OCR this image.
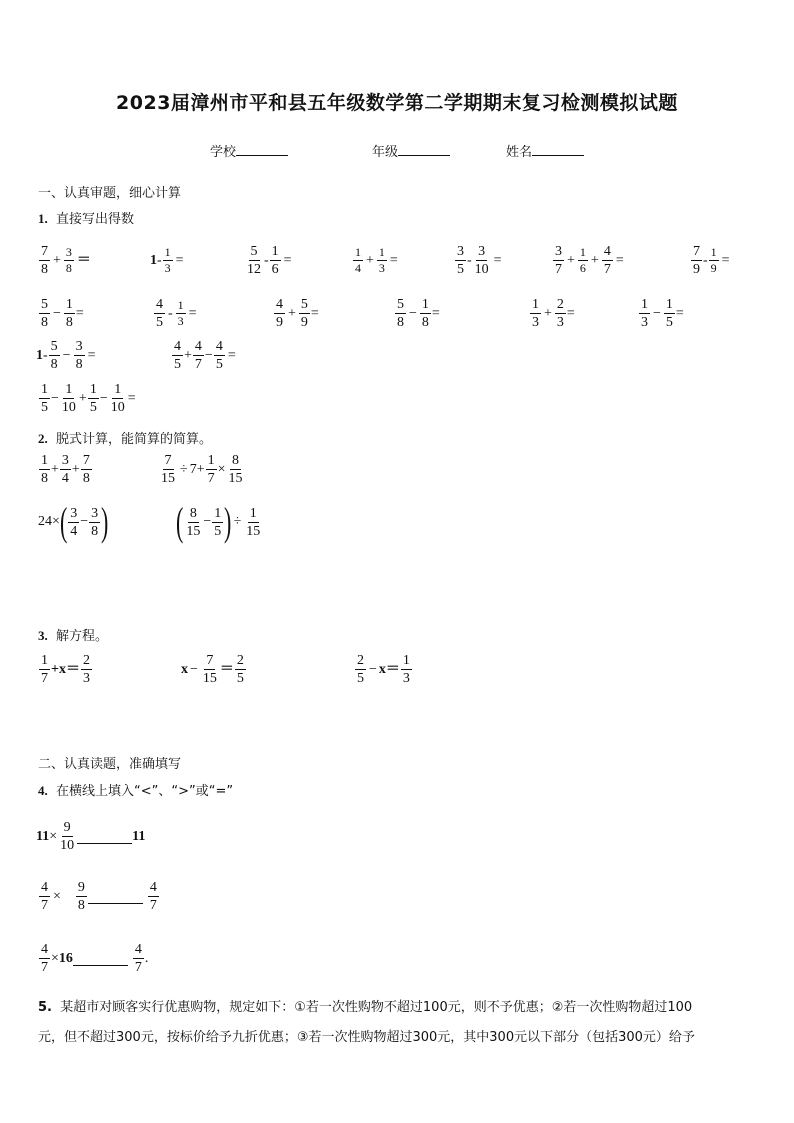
2023届漳州市平和县五年级数学第二学期期末复习检测模拟试题
学校	年级	姓名
一、认真审题，细心计算
1. 直接写出得数
$\frac{7}{8} + \frac{3}{8}$ ＝	$1 - \frac{1}{3}$ =	$\frac{5}{12} - \frac{1}{6}$ =	$\frac{1}{4} + \frac{1}{3}$ =	$\frac{3}{5} - \frac{3}{10}$ =	$\frac{3}{7} + \frac{1}{6} + \frac{4}{7}$ =	$\frac{7}{9} - \frac{1}{9}$ =
$\frac{5}{8} - \frac{1}{8}$ =	$\frac{4}{5} - \frac{1}{3}$ =	$\frac{4}{9} + \frac{5}{9}$ =	$\frac{5}{8} - \frac{1}{8}$ =	$\frac{1}{3} + \frac{2}{3}$ =	$\frac{1}{3} - \frac{1}{5}$ =
$1 - \frac{5}{8} - \frac{3}{8}$ =	$\frac{4}{5} + \frac{4}{7} - \frac{4}{5}$ =
$\frac{1}{5} - \frac{1}{10} + \frac{1}{5} - \frac{1}{10}$ =
2. 脱式计算，能简算的简算。
$\frac{1}{8} + \frac{3}{4} + \frac{7}{8}$	$\frac{7}{15} \div 7 + \frac{1}{7} \times \frac{8}{15}$
24 × ( $\frac{3}{4} - \frac{3}{8}$ ) ( $\frac{8}{15} - \frac{1}{5}$ ) ÷ $\frac{1}{15}$
3. 解方程。
$\frac{1}{7} + x = \frac{2}{3}$	$x - \frac{7}{15} = \frac{2}{5}$	$\frac{2}{5} - x = \frac{1}{3}$
二、认真读题，准确填写
4. 在横线上填入“<”、“>”或“=”
$11 \times \frac{9}{10}$	11
$\frac{4}{7} \times \frac{9}{8}$	$\frac{4}{7}$
$\frac{4}{7} \times 16$	$\frac{4}{7}$ .
5. 某超市对顾客实行优惠购物，规定如下：①若一次性购物不超过100元，则不予优惠；②若一次性购物超过100
元，但不超过300元，按标价给予九折优惠；③若一次性购物超过300元，其中300元以下部分（包括300元）给予
